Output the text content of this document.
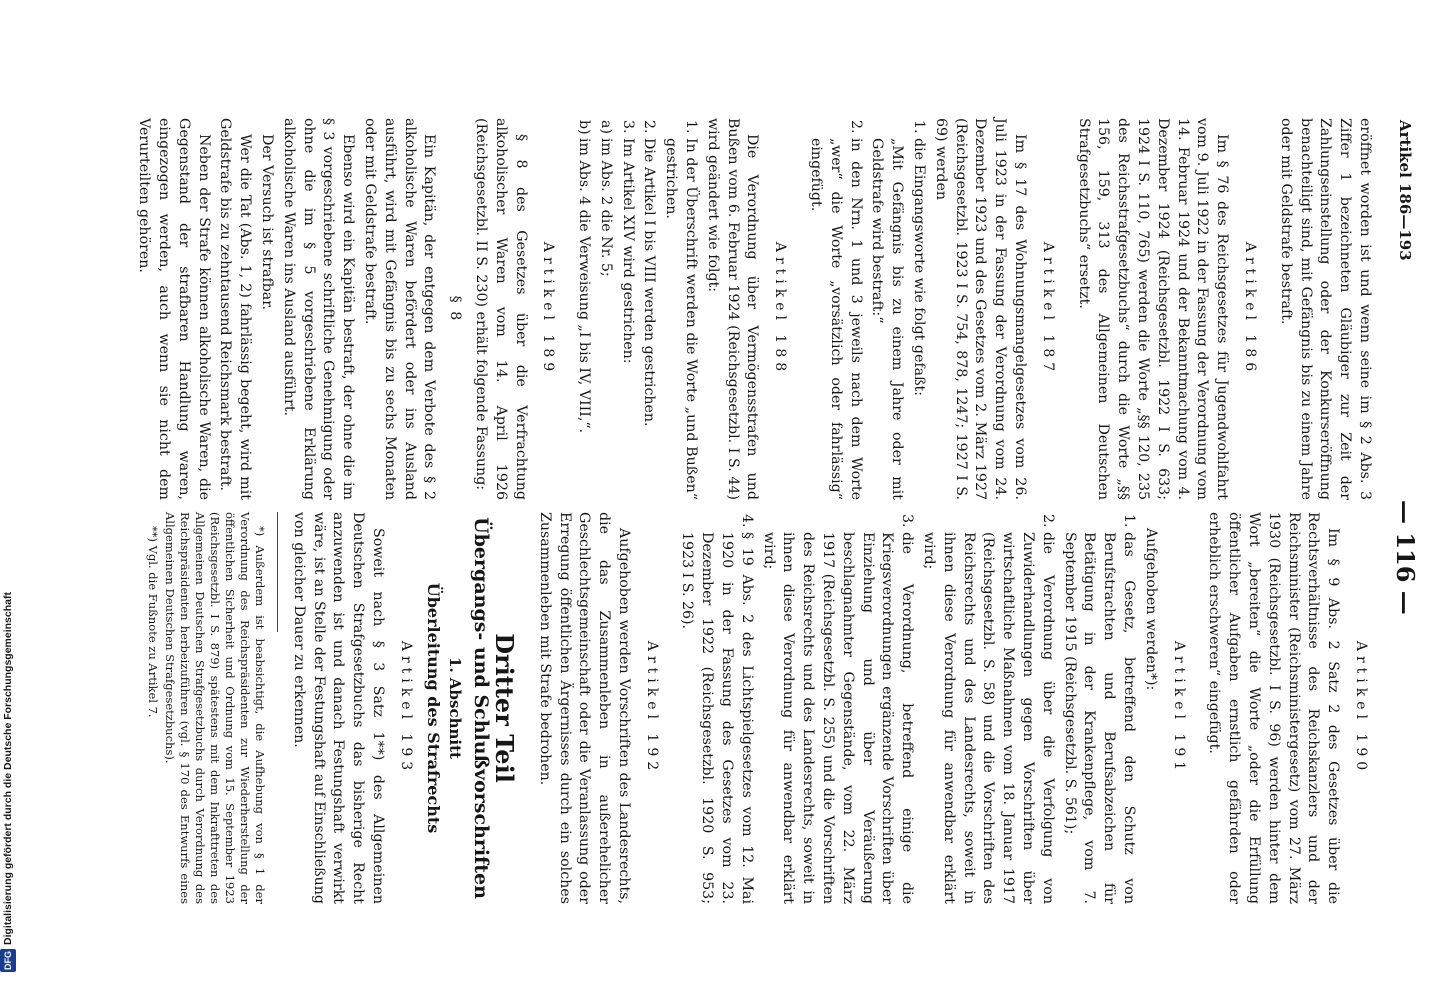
Artikel 186—193
— 116 —

eröffnet worden ist und wenn seine im § 2 Abs. 3 Ziffer 1 bezeichneten Gläubiger zur Zeit der Zahlungseinstellung oder der Konkurseröffnung benachteiligt sind, mit Gefängnis bis zu einem Jahre oder mit Geldstrafe bestraft.

Artikel 186

Im § 76 des Reichsgesetzes für Jugendwohlfahrt vom 9. Juli 1922 in der Fassung der Verordnung vom 14. Februar 1924 und der Bekanntmachung vom 4. Dezember 1924 (Reichsgesetzbl. 1922 I S. 633; 1924 I S. 110, 765) werden die Worte „§§ 120, 235 des Reichsstrafgesetzbuchs“ durch die Worte „§§ 156, 159, 313 des Allgemeinen Deutschen Strafgesetzbuchs“ ersetzt.

Artikel 187

Im § 17 des Wohnungsmangelgesetzes vom 26. Juli 1923 in der Fassung der Verordnung vom 24. Dezember 1923 und des Gesetzes vom 2. März 1927 (Reichsgesetzbl. 1923 I S. 754, 878, 1247; 1927 I S. 69) werden

1.
die Eingangsworte wie folgt gefaßt:

„Mit Gefängnis bis zu einem Jahre oder mit Geldstrafe wird bestraft:“

2.
in den Nrn. 1 und 3 jeweils nach dem Worte „wer“ die Worte „vorsätzlich oder fahrlässig“ eingefügt.

Artikel 188

Die Verordnung über Vermögensstrafen und Bußen vom 6. Februar 1924 (Reichsgesetzbl. I S. 44) wird geändert wie folgt:

1.
In der Überschrift werden die Worte „und Bußen“ gestrichen.

2.
Die Artikel I bis VIII werden gestrichen.

3.
Im Artikel XIV wird gestrichen:

a)
im Abs. 2 die Nr. 5;

b)
im Abs. 4 die Verweisung „I bis IV, VIII,“.

Artikel 189

§ 8 des Gesetzes über die Verfrachtung alkoholischer Waren vom 14. April 1926 (Reichsgesetzbl. II S. 230) erhält folgende Fassung:

§ 8

Ein Kapitän, der entgegen dem Verbote des § 2 alkoholische Waren befördert oder ins Ausland ausführt, wird mit Gefängnis bis zu sechs Monaten oder mit Geldstrafe bestraft.

Ebenso wird ein Kapitän bestraft, der ohne die im § 3 vorgeschriebene schriftliche Genehmigung oder ohne die im § 5 vorgeschriebene Erklärung alkoholische Waren ins Ausland ausführt.

Der Versuch ist strafbar.

Wer die Tat (Abs. 1, 2) fahrlässig begeht, wird mit Geldstrafe bis zu zehntausend Reichsmark bestraft.

Neben der Strafe können alkoholische Waren, die Gegenstand der strafbaren Handlung waren, eingezogen werden, auch wenn sie nicht dem Verurteilten gehören.

Artikel 190

Im § 9 Abs. 2 Satz 2 des Gesetzes über die Rechtsverhältnisse des Reichskanzlers und der Reichsminister (Reichsministergesetz) vom 27. März 1930 (Reichsgesetzbl. I S. 96) werden hinter dem Wort „bereiten“ die Worte „oder die Erfüllung öffentlicher Aufgaben ernstlich gefährden oder erheblich erschweren“ eingefügt.

Artikel 191

Aufgehoben werden*):

1.
das Gesetz, betreffend den Schutz von Berufstrachten und Berufsabzeichen für Betätigung in der Krankenpflege, vom 7. September 1915 (Reichsgesetzbl. S. 561);

2.
die Verordnung über die Verfolgung von Zuwiderhandlungen gegen Vorschriften über wirtschaftliche Maßnahmen vom 18. Januar 1917 (Reichsgesetzbl. S. 58) und die Vorschriften des Reichsrechts und des Landesrechts, soweit in ihnen diese Verordnung für anwendbar erklärt wird;

3.
die Verordnung, betreffend einige die Kriegsverordnungen ergänzende Vorschriften über Einziehung und über Veräußerung beschlagnahmter Gegenstände, vom 22. März 1917 (Reichsgesetzbl. S. 255) und die Vorschriften des Reichsrechts und des Landesrechts, soweit in ihnen diese Verordnung für anwendbar erklärt wird;

4.
§ 19 Abs. 2 des Lichtspielgesetzes vom 12. Mai 1920 in der Fassung des Gesetzes vom 23. Dezember 1922 (Reichsgesetzbl. 1920 S. 953; 1923 I S. 26).

Artikel 192

Aufgehoben werden Vorschriften des Landesrechts, die das Zusammenleben in außerehelicher Geschlechtsgemeinschaft oder die Veranlassung oder Erregung öffentlichen Ärgernisses durch ein solches Zusammenleben mit Strafe bedrohen.

Dritter Teil
Übergangs- und Schlußvorschriften
1. Abschnitt
Überleitung des Strafrechts
Artikel 193

Soweit nach § 3 Satz 1**) des Allgemeinen Deutschen Strafgesetzbuchs das bisherige Recht anzuwenden ist und danach Festungshaft verwirkt wäre, ist an Stelle der Festungshaft auf Einschließung von gleicher Dauer zu erkennen.

*) Außerdem ist beabsichtigt, die Aufhebung von § 1 der Verordnung des Reichspräsidenten zur Wiederherstellung der öffentlichen Sicherheit und Ordnung vom 15. September 1923 (Reichsgesetzbl. I S. 879) spätestens mit dem Inkrafttreten des Allgemeinen Deutschen Strafgesetzbuchs durch Verordnung des Reichspräsidenten herbeizuführen (vgl. § 170 des Entwurfs eines Allgemeinen Deutschen Strafgesetzbuchs).

**) Vgl. die Fußnote zu Artikel 7.

DFGDigitalisierung gefördert durch die Deutsche Forschungsgemeinschaft
